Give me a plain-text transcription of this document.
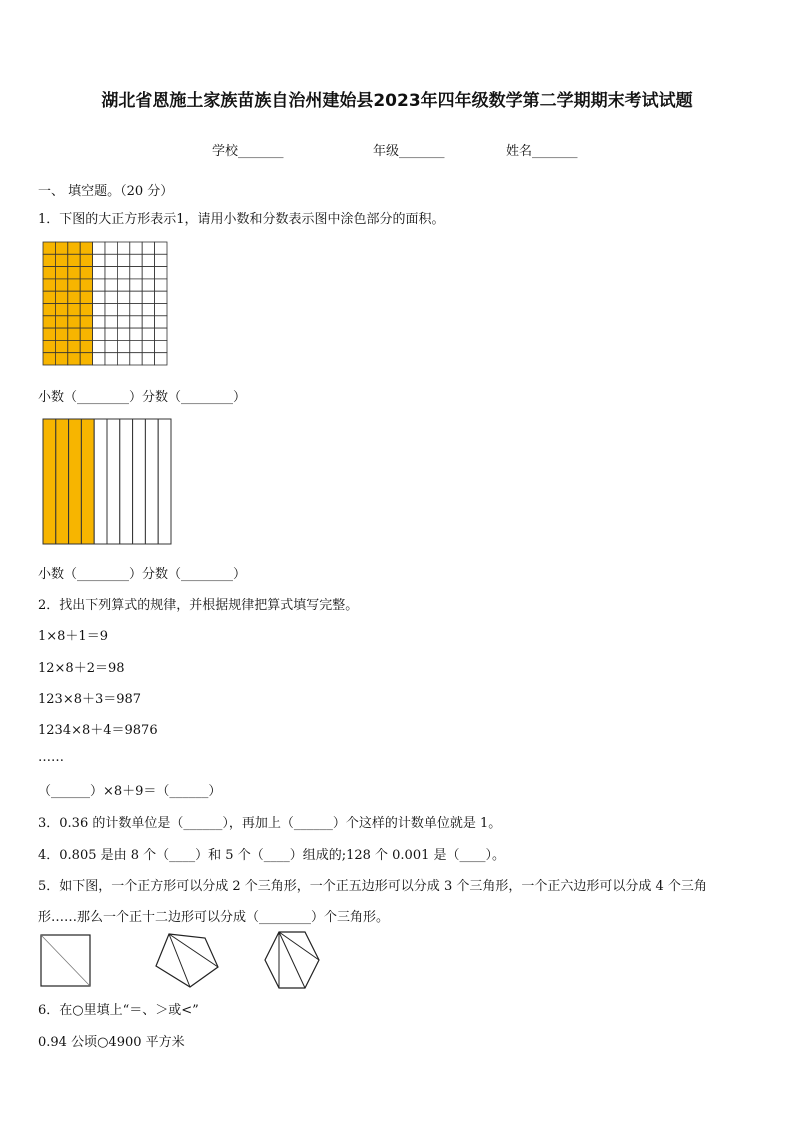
湖北省恩施土家族苗族自治州建始县2023年四年级数学第二学期期末考试试题
学校_______	年级_______	姓名_______
一、 填空题。（20 分）
1．下图的大正方形表示1，请用小数和分数表示图中涂色部分的面积。
小数（________）分数（________）
小数（________）分数（________）
2．找出下列算式的规律，并根据规律把算式填写完整。
1×8＋1＝9
12×8＋2＝98
123×8＋3＝987
1234×8＋4＝9876
……
（______）×8＋9＝（______）
3．0.36 的计数单位是（______），再加上（______）个这样的计数单位就是 1。
4．0.805 是由 8 个（____）和 5 个（____）组成的;128 个 0.001 是（____）。
5．如下图，一个正方形可以分成 2 个三角形，一个正五边形可以分成 3 个三角形，一个正六边形可以分成 4 个三角
形……那么一个正十二边形可以分成（________）个三角形。
6．在○里填上“＝、＞或<”
0.94 公顷○4900 平方米
